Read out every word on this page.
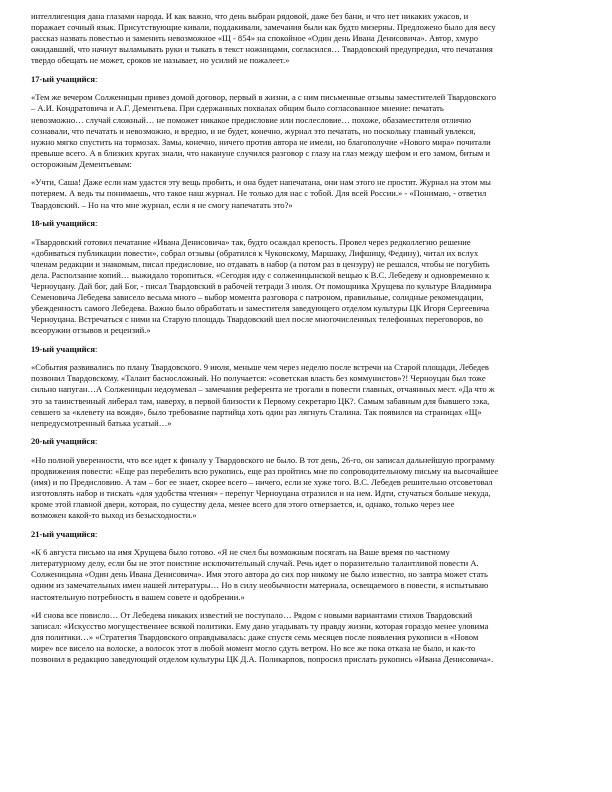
интеллигенция дана глазами народа. И как важно, что день выбран рядовой, даже без бани, и что нет никаких ужасов, и
поражает сочный язык. Присутствующие кивали, поддакивали, замечания были как будто мизерны. Предложено было для весу
рассказ назвать повестью и заменить невозможное «Щ - 854» на спокойное «Один день Ивана Денисовича». Автор, хмуро
ожидавший, что начнут выламывать руки и тыкать в текст ножницами, согласился… Твардовский предупредил, что печатания
твердо обещать не может, сроков не называет, но усилий не пожалеет.»
17-ый учащийся:
«Тем же вечером Солженицын привез домой договор, первый в жизни, а с ним письменные отзывы заместителей Твардовского
– А.И. Кондратовича и А.Г. Дементьева. При сдержанных похвалах общим было согласованное мнение: печатать
невозможно… случай сложный… не поможет никакое предисловие или послесловие… похоже, обазаместителя отлично
сознавали, что печатать и невозможно, и вредно, и не будет, конечно, журнал это печатать, но поскольку главный увлекся,
нужно мягко спустить на тормозах. Замы, конечно, ничего против автора не имели, но благополучие «Нового мира» почитали
превыше всего. А в близких кругах знали, что накануне случился разговор с глазу на глаз между шефом и его замом, битым и
осторожным Дементьевым:
«Учти, Саша! Даже если нам удастся эту вещь пробить, и она будет напечатана, они нам этого не простят. Журнал на этом мы
потеряем. А ведь ты понимаешь, что такое наш журнал. Не только для нас с тобой. Для всей России.» - «Понимаю, - ответил
Твардовский. – Но на что мне журнал, если я не смогу напечатать это?»
18-ый учащийся:
«Твардовский готовил печатание «Ивана Денисовича» так, будто осаждал крепость. Провел через редколлегию решение
«добиваться публикации повести», собрал отзывы (обратился к Чуковскому, Маршаку, Лифшицу, Федину), читал их вслух
членам редакции и знакомым, писал предисловие, но отдавать в набор (а потом раз в цензуру) не решался, чтобы не погубить
дела. Расползание копий… выжидало торопиться. «Сегодня иду с солженицынской вещью к В.С. Лебедеву и одновременно к
Черноуцану. Дай бог, дай Бог, - писал Твардовский в рабочей тетради 3 июля. От помощника Хрущева по культуре Владимира
Семеновича Лебедева зависело весьма много – выбор момента разговора с патроном, правильные, солидные рекомендации,
убежденность самого Лебедева. Важно было обработать и заместителя заведующего отделом культуры ЦК Игоря Сергеевича
Черноуцана. Встречаться с ними на Старую площадь Твардовский шел после многочисленных телефонных переговоров, во
всеоружии отзывов и рецензий.»
19-ый учащийся:
«События развивались по плану Твардовского. 9 июля, меньше чем через неделю после встречи на Старой площади, Лебедев
позвонил Твардовскому. «Талант басносложный. Но получается: «советская власть без коммунистов»?! Черноуцан был тоже
сильно напуган…А Солженицын недоумевал – замечания референта не трогали в повести главных, отчаянных мест. «Да что ж
это за таинственный либерал там, наверху, в первой близости к Первому секретарю ЦК?. Самым забавным для бывшего зэка,
севшего за «клевету на вождя», было требование партийца хоть один раз лягнуть Сталина. Так появился на страницах «Щ»
непредусмотренный батька усатый…»
20-ый учащийся:
«Но полной уверенности, что все идет к финалу у Твардовского не было. В тот день, 26-го, он записал дальнейшую программу
продвижения повести: «Еще раз перебелить всю рукопись, еще раз пройтись мне по сопроводительному письму на высочайшее
(имя) и по Предисловию. А там – бог ее знает, скорее всего – ничего, если не хуже того. В.С. Лебедев решительно отсоветовал
изготовлять набор и тискать «для удобства чтения» - перепуг Черноуцана отразился и на нем. Идти, стучаться больше некуда,
кроме этой главной двери, которая, по существу дела, менее всего для этого отверзается, и, однако, только через нее
возможен какой-то выход из безысходности.»
21-ый учащийся:
«К 6 августа письмо на имя Хрущева было готово. «Я не счел бы возможным посягать на Ваше время по частному
литературному делу, если бы не этот поистине исключительный случай. Речь идет о поразительно талантливой повести А.
Солженицына «Один день Ивана Денисовича». Имя этого автора до сих пор никому не было известно, но завтра может стать
одним из замечательных имен нашей литературы… Но в силу необычности материала, освещаемого в повести, я испытываю
настоятельную потребность в вашем совете и одобрении.»
«И снова все повисло… От Лебедева никаких известий не поступало… Рядом с новыми вариантами стихов Твардовский
записал: «Искусство могущественнее всякой политики. Ему дано угадывать ту правду жизни, которая гораздо менее уловима
для политики…» «Стратегия Твардовского оправдывалась: даже спустя семь месяцев после появления рукописи в «Новом
мире» все висело на волоске, а волосок этот в любой момент могло сдуть ветром. Но все же пока отказа не было, и как-то
позвонил в редакцию заведующий отделом культуры ЦК Д.А. Поликарпов, попросил прислать рукопись «Ивана Денисовича».
